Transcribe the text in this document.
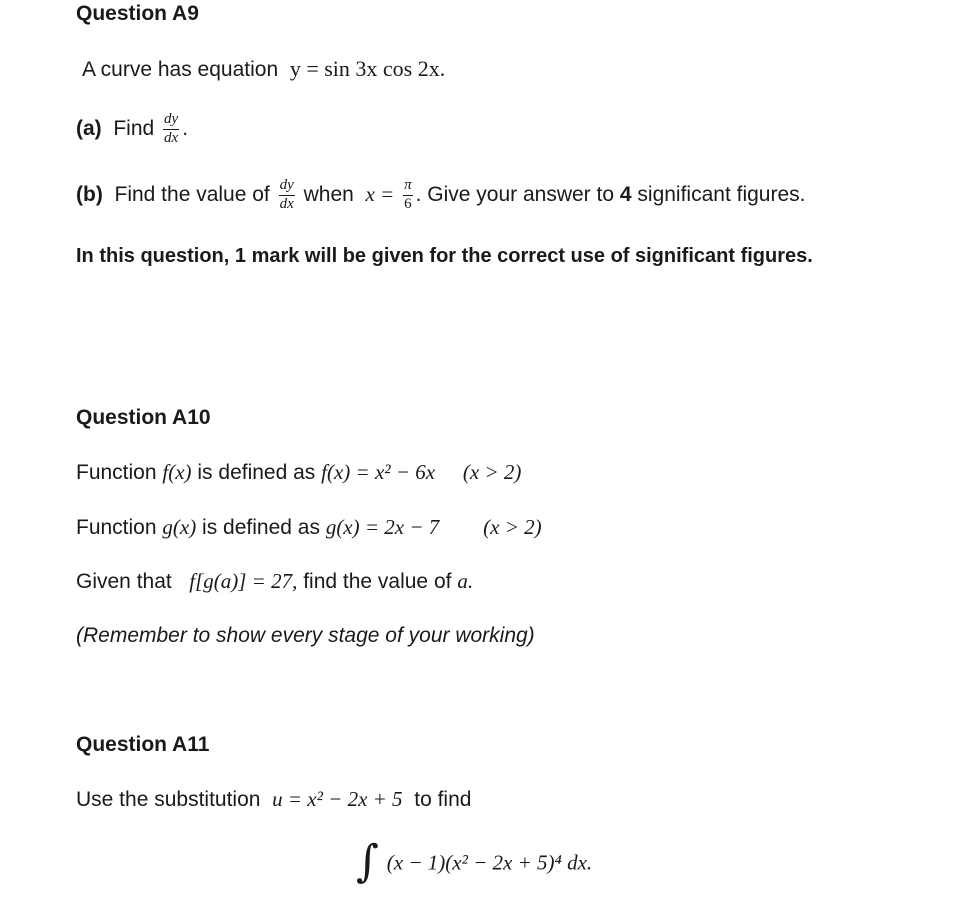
Question A9
A curve has equation y = sin 3x cos 2x.
(a) Find $\frac{dy}{dx}$ .
(b) Find the value of $\frac{dy}{dx}$ when $x = \frac{\pi}{6}$ . Give your answer to 4 significant figures.
In this question, 1 mark will be given for the correct use of significant figures.
Question A10
Function f(x) is defined as f(x) = x² − 6x (x > 2)
Function g(x) is defined as g(x) = 2x − 7 (x > 2)
Given that f[g(a)] = 27, find the value of a.
(Remember to show every stage of your working)
Question A11
Use the substitution u = x² − 2x + 5 to find
∫ (x − 1)(x² − 2x + 5)⁴ dx.
